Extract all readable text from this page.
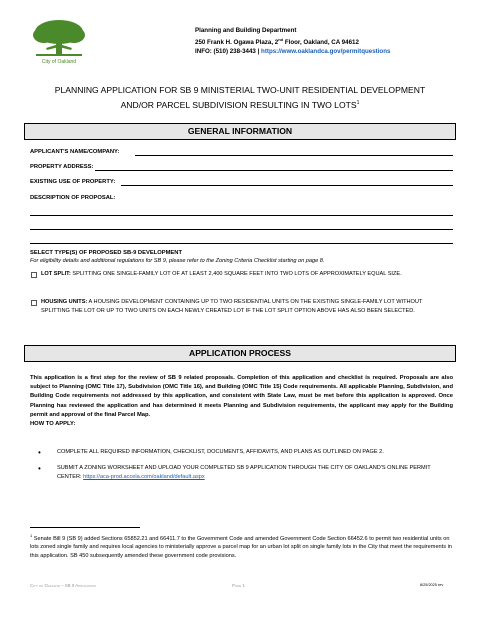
City of Oakland
Planning and Building Department
250 Frank H. Ogawa Plaza, 2nd Floor, Oakland, CA 94612
INFO: (510) 238-3443 | https://www.oaklandca.gov/permitquestions
PLANNING APPLICATION FOR SB 9 MINISTERIAL TWO-UNIT RESIDENTIAL DEVELOPMENT
AND/OR PARCEL SUBDIVISION RESULTING IN TWO LOTS$^1$
GENERAL INFORMATION
APPLICANT'S NAME/COMPANY:
PROPERTY ADDRESS:
EXISTING USE OF PROPERTY:
DESCRIPTION OF PROPOSAL:
SELECT TYPE(S) OF PROPOSED SB-9 DEVELOPMENT
For eligibility details and additional regulations for SB 9, please refer to the Zoning Criteria Checklist starting on page 8.
LOT SPLIT: SPLITTING ONE SINGLE-FAMILY LOT OF AT LEAST 2,400 SQUARE FEET INTO TWO LOTS OF APPROXIMATELY EQUAL SIZE.
HOUSING UNITS: A HOUSING DEVELOPMENT CONTAINING UP TO TWO RESIDENTIAL UNITS ON THE EXISTING SINGLE-FAMILY LOT WITHOUT SPLITTING THE LOT OR UP TO TWO UNITS ON EACH NEWLY CREATED LOT IF THE LOT SPLIT OPTION ABOVE HAS ALSO BEEN SELECTED.
APPLICATION PROCESS
This application is a first step for the review of SB 9 related proposals. Completion of this application and checklist is required. Proposals are also subject to Planning (OMC Title 17), Subdivision (OMC Title 16), and Building (OMC Title 15) Code requirements. All applicable Planning, Subdivision, and Building Code requirements not addressed by this application, and consistent with State Law, must be met before this application is approved. Once Planning has reviewed the application and has determined it meets Planning and Subdivision requirements, the applicant may apply for the Building permit and approval of the final Parcel Map.
HOW TO APPLY:
•	COMPLETE ALL REQUIRED INFORMATION, CHECKLIST, DOCUMENTS, AFFIDAVITS, AND PLANS AS OUTLINED ON PAGE 2.
•	SUBMIT A ZONING WORKSHEET AND UPLOAD YOUR COMPLETED SB 9 APPLICATION THROUGH THE CITY OF OAKLAND'S ONLINE PERMIT CENTER: https://aca-prod.accela.com/oakland/default.aspx
$^1$ Senate Bill 9 (SB 9) added Sections 65852.21 and 66411.7 to the Government Code and amended Government Code Section 66452.6 to permit two residential units on lots zoned single family and requires local agencies to ministerially approve a parcel map for an urban lot split on single family lots in the City that meet the requirements in this application. SB 450 subsequently amended these government code provisions.
City of Oakland – SB 9 Application	Page 1	8/25/2025 rev
